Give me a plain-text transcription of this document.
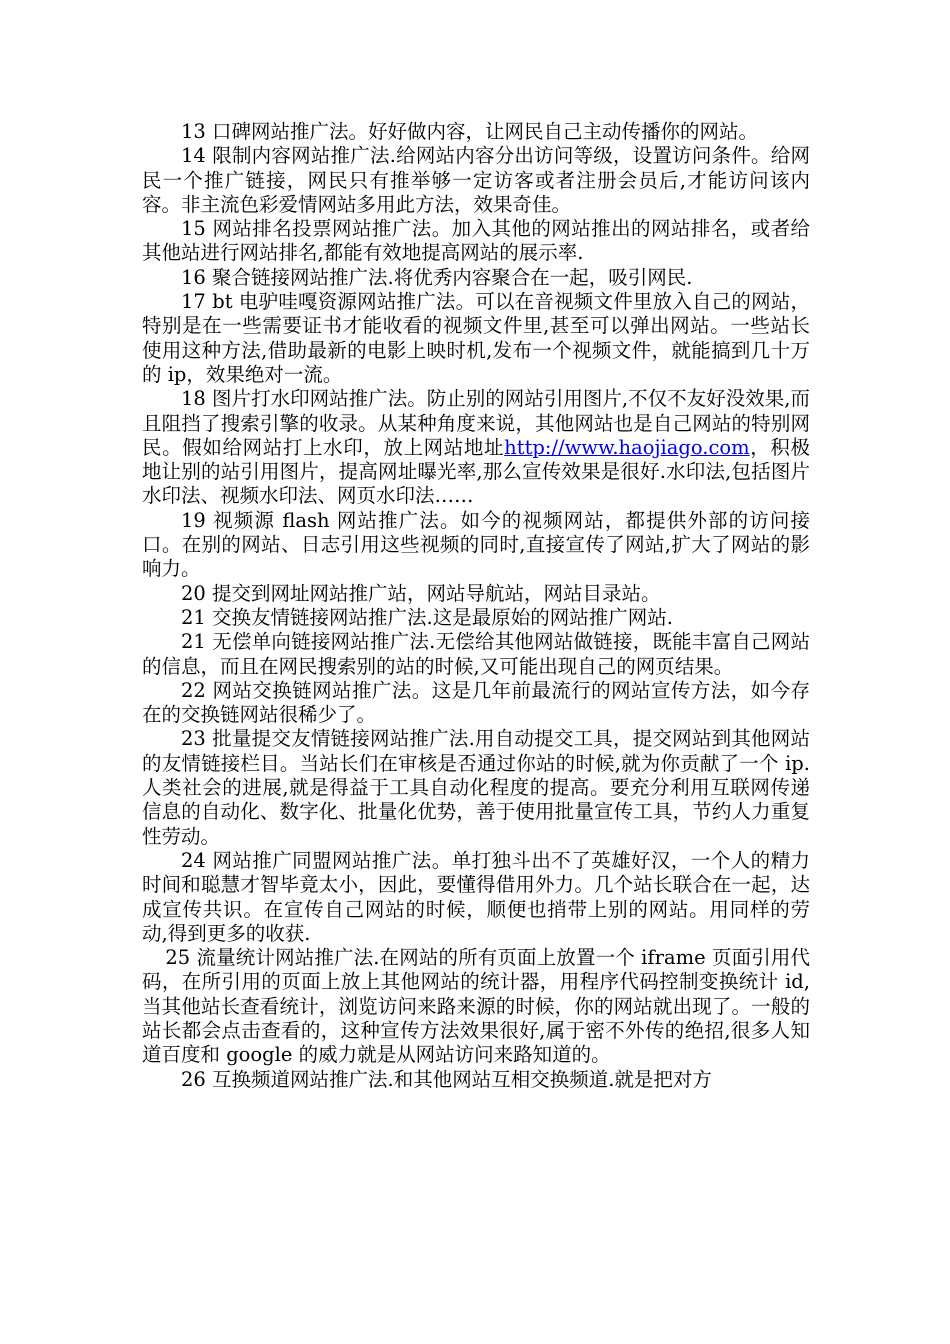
13 口碑网站推广法。好好做内容，让网民自己主动传播你的网站。

14 限制内容网站推广法.给网站内容分出访问等级，设置访问条件。给网民一个推广链接，网民只有推举够一定访客或者注册会员后,才能访问该内容。非主流色彩爱情网站多用此方法，效果奇佳。

15 网站排名投票网站推广法。加入其他的网站推出的网站排名，或者给其他站进行网站排名,都能有效地提高网站的展示率.

16 聚合链接网站推广法.将优秀内容聚合在一起，吸引网民.

17 bt 电驴哇嘎资源网站推广法。可以在音视频文件里放入自己的网站，特别是在一些需要证书才能收看的视频文件里,甚至可以弹出网站。一些站长使用这种方法,借助最新的电影上映时机,发布一个视频文件，就能搞到几十万的 ip，效果绝对一流。

18 图片打水印网站推广法。防止别的网站引用图片,不仅不友好没效果,而且阻挡了搜索引擎的收录。从某种角度来说，其他网站也是自己网站的特别网民。假如给网站打上水印，放上网站地址http://www.haojiago.com，积极地让别的站引用图片，提高网址曝光率,那么宣传效果是很好.水印法,包括图片水印法、视频水印法、网页水印法……

19 视频源 flash 网站推广法。如今的视频网站，都提供外部的访问接口。在别的网站、日志引用这些视频的同时,直接宣传了网站,扩大了网站的影响力。

20 提交到网址网站推广站，网站导航站，网站目录站。

21 交换友情链接网站推广法.这是最原始的网站推广网站.

21 无偿单向链接网站推广法.无偿给其他网站做链接，既能丰富自己网站的信息，而且在网民搜索别的站的时候,又可能出现自己的网页结果。

22 网站交换链网站推广法。这是几年前最流行的网站宣传方法，如今存在的交换链网站很稀少了。

23 批量提交友情链接网站推广法.用自动提交工具，提交网站到其他网站的友情链接栏目。当站长们在审核是否通过你站的时候,就为你贡献了一个 ip.人类社会的进展,就是得益于工具自动化程度的提高。要充分利用互联网传递信息的自动化、数字化、批量化优势，善于使用批量宣传工具，节约人力重复性劳动。

24 网站推广同盟网站推广法。单打独斗出不了英雄好汉，一个人的精力时间和聪慧才智毕竟太小，因此，要懂得借用外力。几个站长联合在一起，达成宣传共识。在宣传自己网站的时候，顺便也捎带上别的网站。用同样的劳动,得到更多的收获.

25 流量统计网站推广法.在网站的所有页面上放置一个 iframe 页面引用代码，在所引用的页面上放上其他网站的统计器，用程序代码控制变换统计 id,当其他站长查看统计，浏览访问来路来源的时候，你的网站就出现了。一般的站长都会点击查看的，这种宣传方法效果很好,属于密不外传的绝招,很多人知道百度和 google 的威力就是从网站访问来路知道的。

26 互换频道网站推广法.和其他网站互相交换频道.就是把对方
